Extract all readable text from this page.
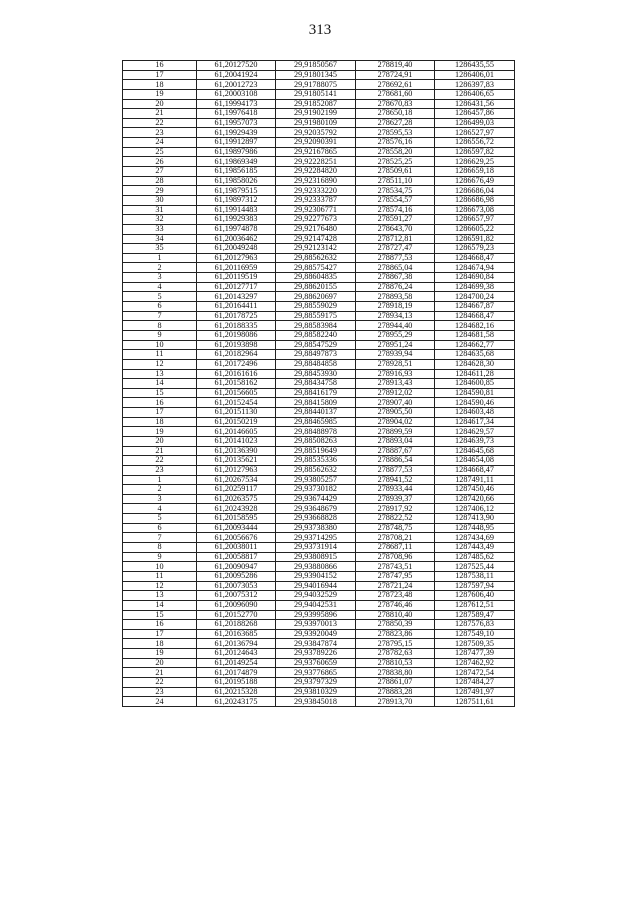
313
16	61,20127520	29,91850567	278819,40	1286435,55
17	61,20041924	29,91801345	278724,91	1286406,01
18	61,20012723	29,91788075	278692,61	1286397,83
19	61,20003108	29,91805141	278681,60	1286406,65
20	61,19994173	29,91852087	278670,83	1286431,56
21	61,19976418	29,91902199	278650,18	1286457,86
22	61,19957073	29,91980109	278627,28	1286499,03
23	61,19929439	29,92035792	278595,53	1286527,97
24	61,19912897	29,92090391	278576,16	1286556,72
25	61,19897986	29,92167865	278558,20	1286597,82
26	61,19869349	29,92228251	278525,25	1286629,25
27	61,19856185	29,92284820	278509,61	1286659,18
28	61,19858026	29,92316890	278511,10	1286676,49
29	61,19879515	29,92333220	278534,75	1286686,04
30	61,19897312	29,92333787	278554,57	1286686,98
31	61,19914483	29,92306771	278574,16	1286673,08
32	61,19929383	29,92277673	278591,27	1286657,97
33	61,19974878	29,92176480	278643,70	1286605,22
34	61,20036462	29,92147428	278712,81	1286591,82
35	61,20049248	29,92123142	278727,47	1286579,23
1	61,20127963	29,88562632	278877,53	1284668,47
2	61,20116959	29,88575427	278865,04	1284674,94
3	61,20119519	29,88604835	278867,38	1284690,84
4	61,20127717	29,88620155	278876,24	1284699,38
5	61,20143297	29,88620697	278893,58	1284700,24
6	61,20164411	29,88559029	278918,19	1284667,87
7	61,20178725	29,88559175	278934,13	1284668,47
8	61,20188335	29,88583984	278944,40	1284682,16
9	61,20198086	29,88582240	278955,29	1284681,58
10	61,20193898	29,88547529	278951,24	1284662,77
11	61,20182964	29,88497873	278939,94	1284635,68
12	61,20172496	29,88484858	278928,51	1284628,30
13	61,20161616	29,88453930	278916,93	1284611,28
14	61,20158162	29,88434758	278913,43	1284600,85
15	61,20156605	29,88416179	278912,02	1284590,81
16	61,20152454	29,88415809	278907,40	1284590,46
17	61,20151130	29,88440137	278905,50	1284603,48
18	61,20150219	29,88465985	278904,02	1284617,34
19	61,20146605	29,88488978	278899,59	1284629,57
20	61,20141023	29,88508263	278893,04	1284639,73
21	61,20136390	29,88519649	278887,67	1284645,68
22	61,20135621	29,88535336	278886,54	1284654,08
23	61,20127963	29,88562632	278877,53	1284668,47
1	61,20267534	29,93805257	278941,52	1287491,11
2	61,20259117	29,93730182	278933,44	1287450,46
3	61,20263575	29,93674429	278939,37	1287420,66
4	61,20243928	29,93648679	278917,92	1287406,12
5	61,20158595	29,93668828	278822,52	1287413,90
6	61,20093444	29,93738380	278748,75	1287448,95
7	61,20056676	29,93714295	278708,21	1287434,69
8	61,20038011	29,93731914	278687,11	1287443,49
9	61,20058817	29,93808915	278708,96	1287485,62
10	61,20090947	29,93880866	278743,51	1287525,44
11	61,20095286	29,93904152	278747,95	1287538,11
12	61,20073053	29,94016944	278721,24	1287597,94
13	61,20075312	29,94032529	278723,48	1287606,40
14	61,20096090	29,94042531	278746,46	1287612,51
15	61,20152770	29,93995896	278810,40	1287589,47
16	61,20188268	29,93970013	278850,39	1287576,83
17	61,20163685	29,93920049	278823,86	1287549,10
18	61,20136794	29,93847874	278795,15	1287509,35
19	61,20124643	29,93789226	278782,63	1287477,39
20	61,20149254	29,93760659	278810,53	1287462,92
21	61,20174879	29,93776865	278838,80	1287472,54
22	61,20195188	29,93797329	278861,07	1287484,27
23	61,20215328	29,93810329	278883,28	1287491,97
24	61,20243175	29,93845018	278913,70	1287511,61
